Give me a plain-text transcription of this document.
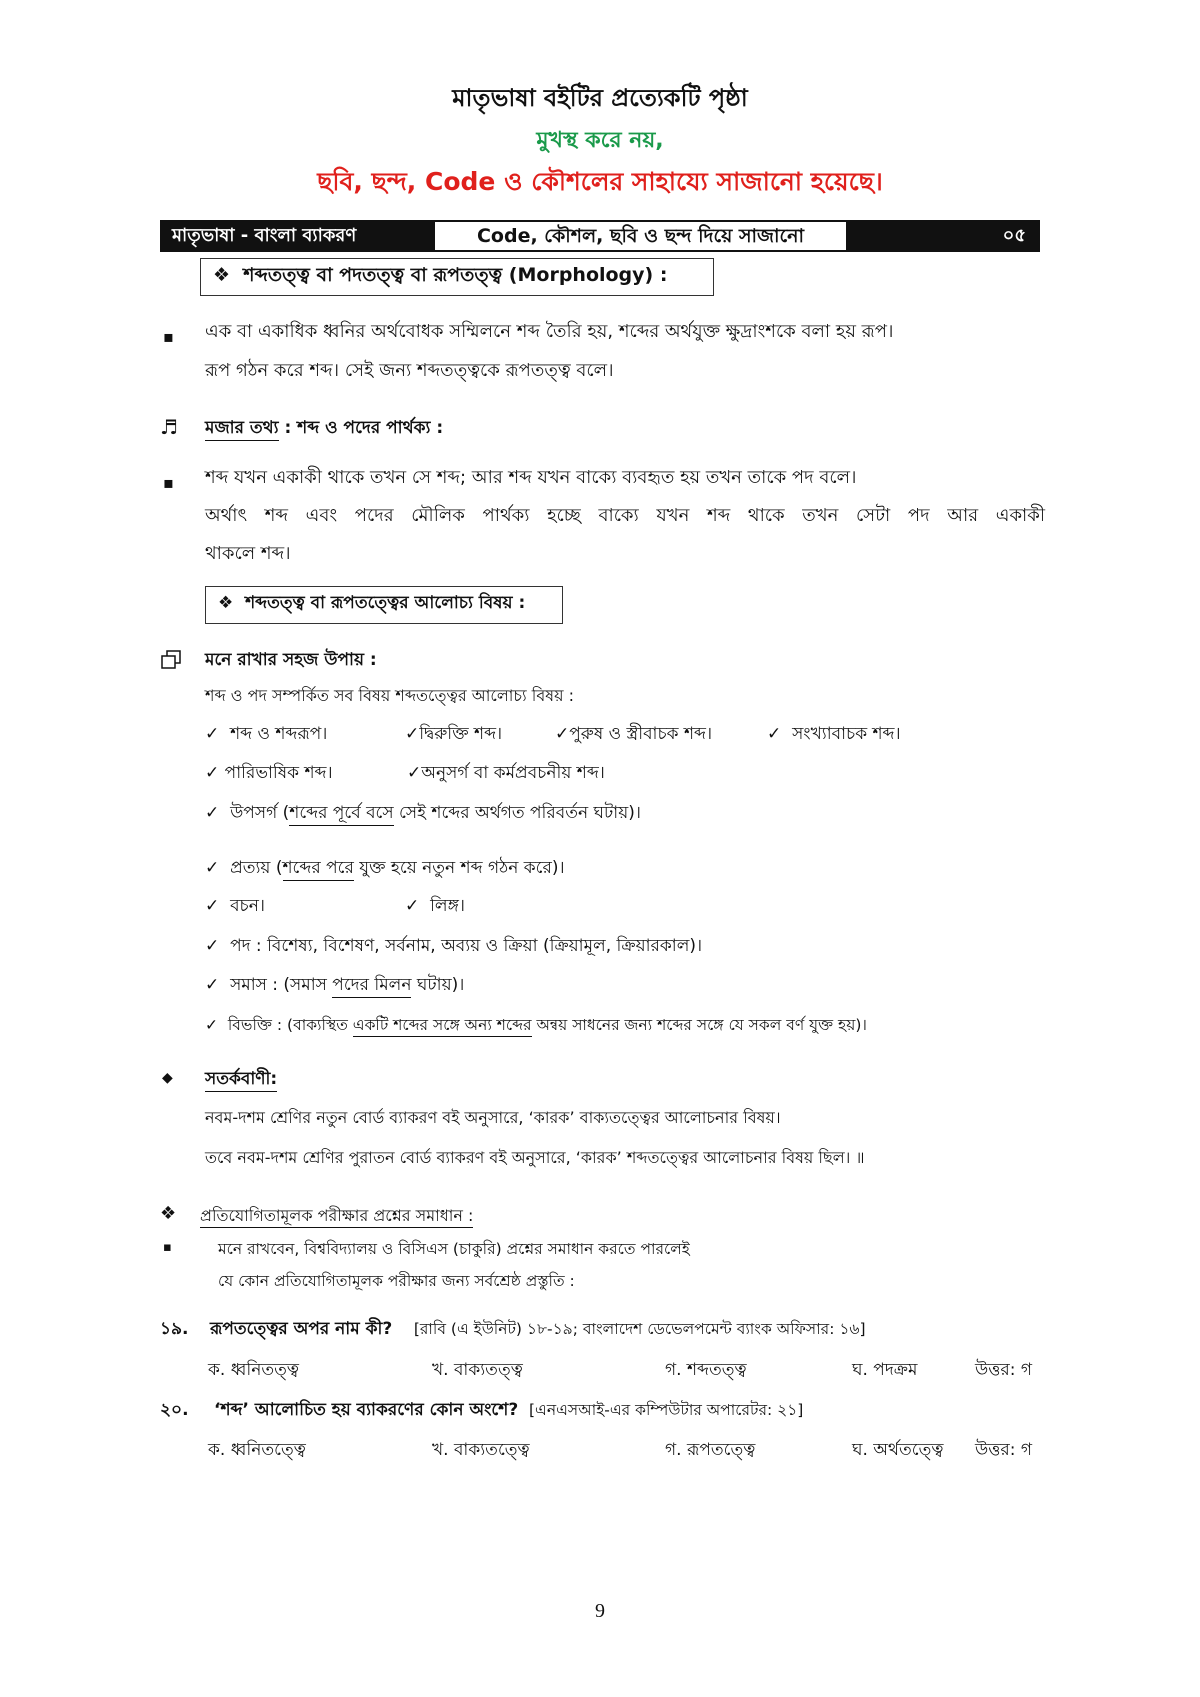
মাতৃভাষা বইটির প্রত্যেকটি পৃষ্ঠা
মুখস্থ করে নয়,
ছবি, ছন্দ, Code ও কৌশলের সাহায্যে সাজানো হয়েছে।
মাতৃভাষা - বাংলা ব্যাকরণ	Code, কৌশল, ছবি ও ছন্দ দিয়ে সাজানো	০৫
❖ শব্দতত্ত্ব বা পদতত্ত্ব বা রূপতত্ত্ব (Morphology) :
▪ এক বা একাধিক ধ্বনির অর্থবোধক সম্মিলনে শব্দ তৈরি হয়, শব্দের অর্থযুক্ত ক্ষুদ্রাংশকে বলা হয় রূপ।
রূপ গঠন করে শব্দ। সেই জন্য শব্দতত্ত্বকে রূপতত্ত্ব বলে।
♬ মজার তথ্য : শব্দ ও পদের পার্থক্য :
▪ শব্দ যখন একাকী থাকে তখন সে শব্দ; আর শব্দ যখন বাক্যে ব্যবহৃত হয় তখন তাকে পদ বলে।
অর্থাৎ শব্দ এবং পদের মৌলিক পার্থক্য হচ্ছে বাক্যে যখন শব্দ থাকে তখন সেটা পদ আর একাকী
থাকলে শব্দ।
❖ শব্দতত্ত্ব বা রূপতত্ত্বের আলোচ্য বিষয় :
মনে রাখার সহজ উপায় :
শব্দ ও পদ সম্পর্কিত সব বিষয় শব্দতত্ত্বের আলোচ্য বিষয় :
✓ শব্দ ও শব্দরূপ।	✓দ্বিরুক্তি শব্দ।	✓পুরুষ ও স্ত্রীবাচক শব্দ।	✓ সংখ্যাবাচক শব্দ।
✓ পারিভাষিক শব্দ।	✓অনুসর্গ বা কর্মপ্রবচনীয় শব্দ।
✓ উপসর্গ (শব্দের পূর্বে বসে সেই শব্দের অর্থগত পরিবর্তন ঘটায়)।
✓ প্রত্যয় (শব্দের পরে যুক্ত হয়ে নতুন শব্দ গঠন করে)।
✓ বচন।	✓ লিঙ্গ।
✓ পদ : বিশেষ্য, বিশেষণ, সর্বনাম, অব্যয় ও ক্রিয়া (ক্রিয়ামূল, ক্রিয়ারকাল)।
✓ সমাস : (সমাস পদের মিলন ঘটায়)।
✓ বিভক্তি : (বাক্যস্থিত একটি শব্দের সঙ্গে অন্য শব্দের অন্বয় সাধনের জন্য শব্দের সঙ্গে যে সকল বর্ণ যুক্ত হয়)।
◆ সতর্কবাণী:
নবম-দশম শ্রেণির নতুন বোর্ড ব্যাকরণ বই অনুসারে, ‘কারক’ বাক্যতত্ত্বের আলোচনার বিষয়।
তবে নবম-দশম শ্রেণির পুরাতন বোর্ড ব্যাকরণ বই অনুসারে, ‘কারক’ শব্দতত্ত্বের আলোচনার বিষয় ছিল। ॥
❖ প্রতিযোগিতামূলক পরীক্ষার প্রশ্নের সমাধান :
▪	মনে রাখবেন, বিশ্ববিদ্যালয় ও বিসিএস (চাকুরি) প্রশ্নের সমাধান করতে পারলেই
যে কোন প্রতিযোগিতামূলক পরীক্ষার জন্য সর্বশ্রেষ্ঠ প্রস্তুতি :
১৯. রূপতত্ত্বের অপর নাম কী? [রাবি (এ ইউনিট) ১৮-১৯; বাংলাদেশ ডেভেলপমেন্ট ব্যাংক অফিসার: ১৬]
ক. ধ্বনিতত্ত্ব	খ. বাক্যতত্ত্ব	গ. শব্দতত্ত্ব	ঘ. পদক্রম	উত্তর: গ
২০. ‘শব্দ’ আলোচিত হয় ব্যাকরণের কোন অংশে? [এনএসআই-এর কম্পিউটার অপারেটর: ২১]
ক. ধ্বনিতত্ত্বে	খ. বাক্যতত্ত্বে	গ. রূপতত্ত্বে	ঘ. অর্থতত্ত্বে উত্তর: গ
9
